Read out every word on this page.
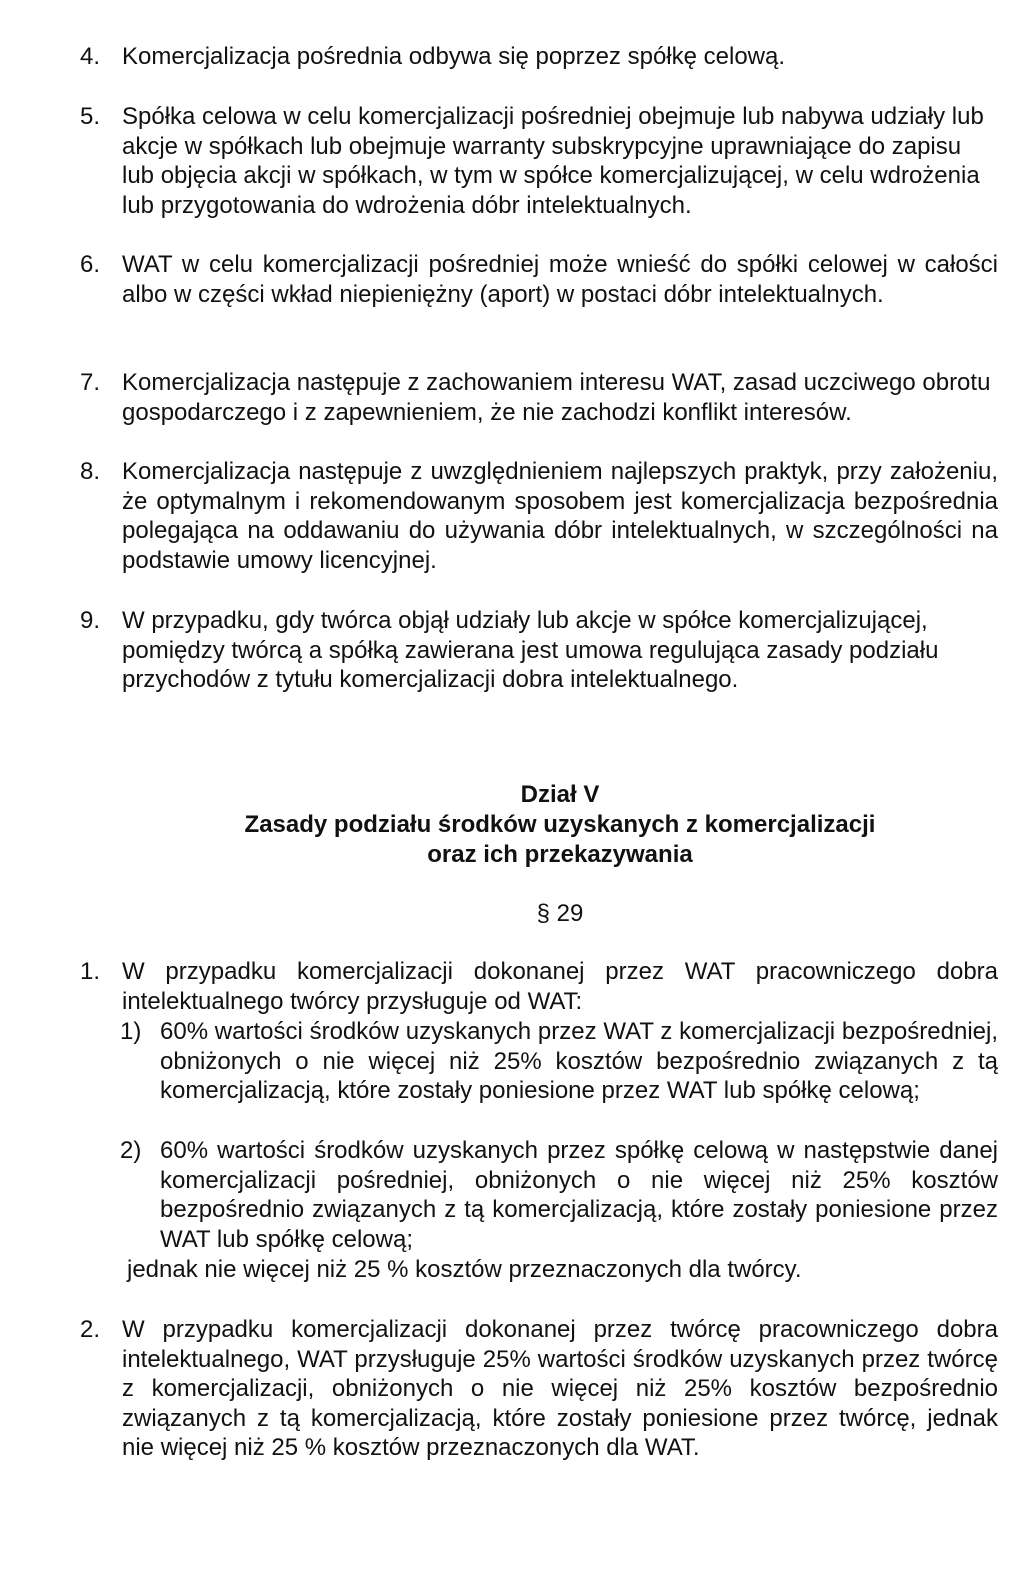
4. Komercjalizacja pośrednia odbywa się poprzez spółkę celową.
5. Spółka celowa w celu komercjalizacji pośredniej obejmuje lub nabywa udziały lub akcje w spółkach lub obejmuje warranty subskrypcyjne uprawniające do zapisu lub objęcia akcji w spółkach, w tym w spółce komercjalizującej, w celu wdrożenia lub przygotowania do wdrożenia dóbr intelektualnych.
6. WAT w celu komercjalizacji pośredniej może wnieść do spółki celowej w całości albo w części wkład niepieniężny (aport) w postaci dóbr intelektualnych.
7. Komercjalizacja następuje z zachowaniem interesu WAT, zasad uczciwego obrotu gospodarczego i z zapewnieniem, że nie zachodzi konflikt interesów.
8. Komercjalizacja następuje z uwzględnieniem najlepszych praktyk, przy założeniu, że optymalnym i rekomendowanym sposobem jest komercjalizacja bezpośrednia polegająca na oddawaniu do używania dóbr intelektualnych, w szczególności na podstawie umowy licencyjnej.
9. W przypadku, gdy twórca objął udziały lub akcje w spółce komercjalizującej, pomiędzy twórcą a spółką zawierana jest umowa regulująca zasady podziału przychodów z tytułu komercjalizacji dobra intelektualnego.
Dział V
Zasady podziału środków uzyskanych z komercjalizacji
oraz ich przekazywania
§ 29
1. W przypadku komercjalizacji dokonanej przez WAT pracowniczego dobra intelektualnego twórcy przysługuje od WAT:
1) 60% wartości środków uzyskanych przez WAT z komercjalizacji bezpośredniej, obniżonych o nie więcej niż 25% kosztów bezpośrednio związanych z tą komercjalizacją, które zostały poniesione przez WAT lub spółkę celową;
2) 60% wartości środków uzyskanych przez spółkę celową w następstwie danej komercjalizacji pośredniej, obniżonych o nie więcej niż 25% kosztów bezpośrednio związanych z tą komercjalizacją, które zostały poniesione przez WAT lub spółkę celową;
jednak nie więcej niż 25 % kosztów przeznaczonych dla twórcy.
2. W przypadku komercjalizacji dokonanej przez twórcę pracowniczego dobra intelektualnego, WAT przysługuje 25% wartości środków uzyskanych przez twórcę z komercjalizacji, obniżonych o nie więcej niż 25% kosztów bezpośrednio związanych z tą komercjalizacją, które zostały poniesione przez twórcę, jednak nie więcej niż 25 % kosztów przeznaczonych dla WAT.
